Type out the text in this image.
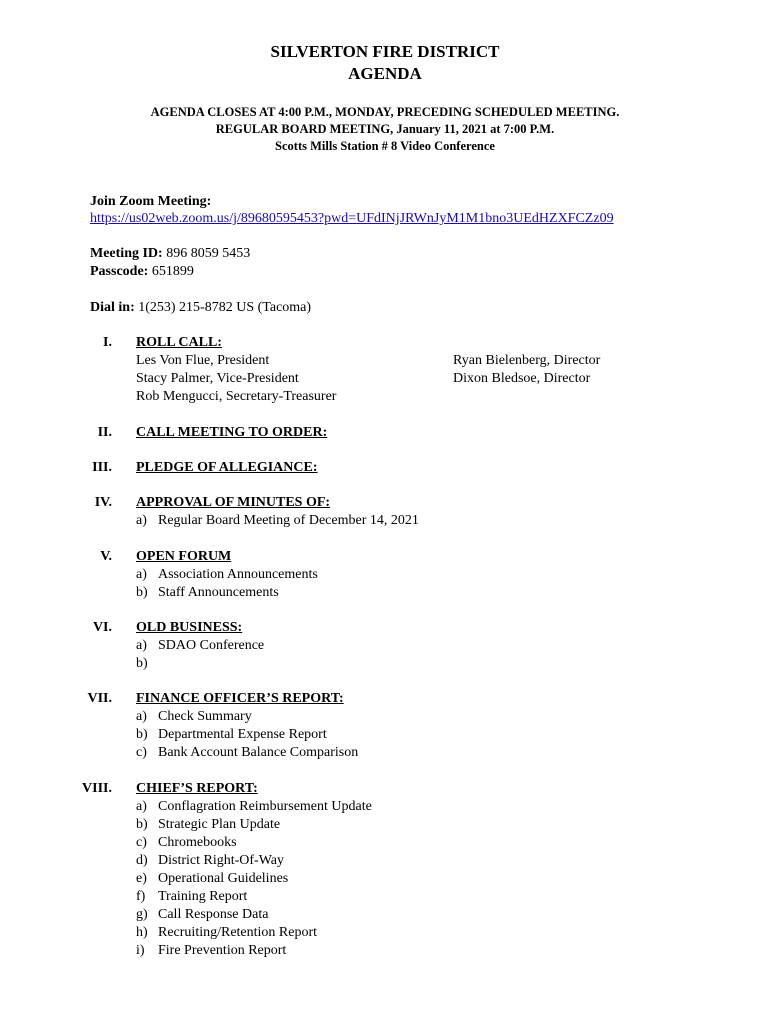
SILVERTON FIRE DISTRICT
AGENDA
AGENDA CLOSES AT 4:00 P.M., MONDAY, PRECEDING SCHEDULED MEETING.
REGULAR BOARD MEETING, January 11, 2021 at 7:00 P.M.
Scotts Mills Station # 8 Video Conference
Join Zoom Meeting:
https://us02web.zoom.us/j/89680595453?pwd=UFdINjJRWnJyM1M1bno3UEdHZXFCZz09
Meeting ID: 896 8059 5453
Passcode: 651899
Dial in: 1(253) 215-8782 US (Tacoma)
I. ROLL CALL:
Les Von Flue, President
Stacy Palmer, Vice-President
Rob Mengucci, Secretary-Treasurer
Ryan Bielenberg, Director
Dixon Bledsoe, Director
II. CALL MEETING TO ORDER:
III. PLEDGE OF ALLEGIANCE:
IV. APPROVAL OF MINUTES OF:
a) Regular Board Meeting of December 14, 2021
V. OPEN FORUM
a) Association Announcements
b) Staff Announcements
VI. OLD BUSINESS:
a) SDAO Conference
b)
VII. FINANCE OFFICER’S REPORT:
a) Check Summary
b) Departmental Expense Report
c) Bank Account Balance Comparison
VIII. CHIEF’S REPORT:
a) Conflagration Reimbursement Update
b) Strategic Plan Update
c) Chromebooks
d) District Right-Of-Way
e) Operational Guidelines
f) Training Report
g) Call Response Data
h) Recruiting/Retention Report
i) Fire Prevention Report
